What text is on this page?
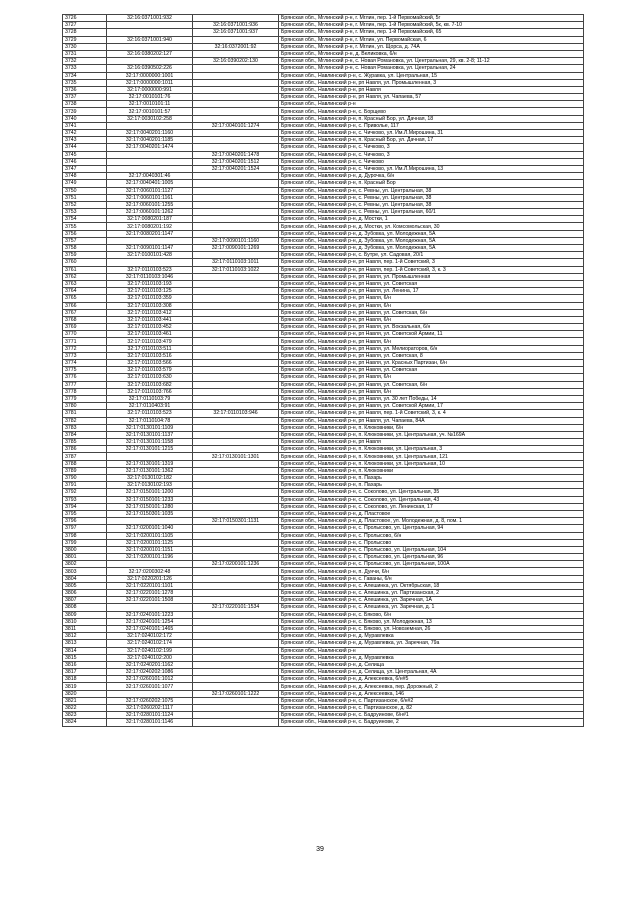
3726	32:16:0371001:932		Брянская обл., Мглинский р-н, г. Мглин, пер. 1-й Первомайский, 5г
3727		32:16:0371001:936	Брянская обл., Мглинский р-н, г. Мглин, пер. 1-й Первомайский, 5к, кв. 7-10
3728		32:16:0371001:937	Брянская обл., Мглинский р-н, г. Мглин, пер. 1-й Первомайский, 65
3729	32:16:0371001:940		Брянская обл., Мглинский р-н, г. Мглин, ул. Первомайская, 6
3730		32:16:0372001:92	Брянская обл., Мглинский р-н, г. Мглин, ул. Щорса, д. 74А
3731	32:16:0380202:127		Брянская обл., Мглинский р-н, д. Великовка, 6/н
3732		32:16:0390202:130	Брянская обл., Мглинский р-н, с. Новая Романовка, ул. Центральная, 29, кв. 2-8; 11-12
3733	32:16:0390502:226		Брянская обл., Мглинский р-н, с. Новая Романовка, ул. Центральная, 24
3734	32:17:0000000:1001		Брянская обл., Навлинский р-н, с. Журавка, ул. Центральная, 15
3735	32:17:0000000:1011		Брянская обл., Навлинский р-н, рп Навля, ул. Промышленная, 3
3736	32:17:0000000:991		Брянская обл., Навлинский р-н, рп Навля
3737	32:17:0010101:76		Брянская обл., Навлинский р-н, рп Навля, ул. Чапаева, 57
3738	32:17:0010101:11		Брянская обл., Навлинский р-н
3739	32:17:0010101:57		Брянская обл., Навлинский р-н, с. Борщево
3740	32:17:0030102:258		Брянская обл., Навлинский р-н, п. Красный Бор, ул. Дачная, 18
3741		32:17:0040101:1274	Брянская обл., Навлинский р-н, с. Приволье, 117
3742	32:17:0040201:1160		Брянская обл., Навлинский р-н, с. Чичково, ул. Им.Л.Мирошина, 31
3743	32:17:0040201:1185		Брянская обл., Навлинский р-н, п. Красный Бор, ул. Дачная, 17
3744	32:17:0040201:1474		Брянская обл., Навлинский р-н, с. Чичково, 3
3745		32:17:0040201:1478	Брянская обл., Навлинский р-н, с. Чичково, 3
3746		32:17:0040201:1512	Брянская обл., Навлинский р-н, с. Чичково
3747		32:17:0040201:1524	Брянская обл., Навлинский р-н, с. Чичково, ул. Им.Л.Мирошина, 13
3748	32:17:0040301:46		Брянская обл., Навлинский р-н, д. Дурочка, 6/н
3749	32:17:0040401:1005		Брянская обл., Навлинский р-н, п. Красный Бор
3750	32:17:0060101:1127		Брянская обл., Навлинский р-н, с. Ревны, ул. Центральная, 38
3751	32:17:0060101:1161		Брянская обл., Навлинский р-н, с. Ревны, ул. Центральная, 38
3752	32:17:0060101:1255		Брянская обл., Навлинский р-н, с. Ревны, ул. Центральная, 38
3753	32:17:0060101:1262		Брянская обл., Навлинский р-н, с. Ревны, ул. Центральная, 60/1
3754	32:17:0080201:187		Брянская обл., Навлинский р-н, д. Мостки, 1
3755	32:17:0080201:192		Брянская обл., Навлинский р-н, д. Мостки, ул. Комсомольская, 30
3756	32:17:0080201:1147		Брянская обл., Навлинский р-н, д. Зубовка, ул. Молодежная, 5А
3757		32:17:0090101:1160	Брянская обл., Навлинский р-н, д. Зубовка, ул. Молодежная, 5А
3758	32:17:0090101:1147	32:17:0090101:1269	Брянская обл., Навлинский р-н, д. Зубовка, ул. Молодежная, 5А
3759	32:17:0100101:428		Брянская обл., Навлинский р-н, с. Бутре, ул. Садовая, 20/1
3760		32:17:0110103:1011	Брянская обл., Навлинский р-н, рп Навля, пер. 1-й Советский, 3
3761	32:17:0110103:523	32:17:0110103:1022	Брянская обл., Навлинский р-н, рп Навля, пер. 1-й Советский, 3, к. 3
3762	32:17:0110103:1046		Брянская обл., Навлинский р-н, рп Навля, ул. Промышленная
3763	32:17:0110103:193		Брянская обл., Навлинский р-н, рп Навля, ул. Советская
3764	32:17:0110103:125		Брянская обл., Навлинский р-н, рп Навля, ул. Ленина, 17
3765	32:17:0110103:359		Брянская обл., Навлинский р-н, рп Навля, 6/н
3766	32:17:0110103:308		Брянская обл., Навлинский р-н, рп Навля, 6/н
3767	32:17:0110103:412		Брянская обл., Навлинский р-н, рп Навля, ул. Советская, 6/н
3768	32:17:0110103:441		Брянская обл., Навлинский р-н, рп Навля, 6/н
3769	32:17:0110103:452		Брянская обл., Навлинский р-н, рп Навля, ул. Вокзальная, 6/н
3770	32:17:0110103:461		Брянская обл., Навлинский р-н, рп Навля, ул. Советской Армии, 11
3771	32:17:0110103:479		Брянская обл., Навлинский р-н, рп Навля, 6/н
3772	32:17:0110103:511		Брянская обл., Навлинский р-н, рп Навля, ул. Мелиораторов, 6/н
3773	32:17:0110103:516		Брянская обл., Навлинский р-н, рп Навля, ул. Советская, 8
3774	32:17:0110103:566		Брянская обл., Навлинский р-н, рп Навля, ул. Красных Партизан, 6/н
3775	32:17:0110103:579		Брянская обл., Навлинский р-н, рп Навля, ул. Советская
3776	32:17:0110103:630		Брянская обл., Навлинский р-н, рп Навля, 6/н
3777	32:17:0110103:682		Брянская обл., Навлинский р-н, рп Навля, ул. Советская, 6/н
3778	32:17:0110103:766		Брянская обл., Навлинский р-н, рп Навля, 6/н
3779	32:17:0110103:79		Брянская обл., Навлинский р-н, рп Навля, ул. 30 лет Победы, 14
3780	32:17:0110403:91		Брянская обл., Навлинский р-н, рп Навля, ул. Советской Армии, 17
3781	32:17:0110103:523	32:17:0110103:946	Брянская обл., Навлинский р-н, рп Навля, пер. 1-й Советский, 3, к. 4
3782	32:17:0110104:78		Брянская обл., Навлинский р-н, рп Навля, ул. Чапаева, 84А
3783	32:17:0130101:1109		Брянская обл., Навлинский р-н, п. Клюковники, 6/н
3784	32:17:0130101:1137		Брянская обл., Навлинский р-н, п. Клюковники, ул. Центральная, уч. №169А
3785	32:17:0130101:1158		Брянская обл., Навлинский р-н, рп Навля
3786	32:17:0130101:1215		Брянская обл., Навлинский р-н, п. Клюковники, ул. Центральная, 3
3787		32:17:0130101:1301	Брянская обл., Навлинский р-н, п. Клюковники, ул. Центральная, 121
3788	32:17:0130101:1319		Брянская обл., Навлинский р-н, п. Клюковники, ул. Центральная, 10
3789	32:17:0130101:1362		Брянская обл., Навлинский р-н, п. Клюковники
3790	32:17:0130102:182		Брянская обл., Навлинский р-н, п. Пахарь
3791	32:17:0130102:193		Брянская обл., Навлинский р-н, п. Пахарь
3792	32:17:0150101:1200		Брянская обл., Навлинский р-н, с. Соколово, ул. Центральная, 35
3793	32:17:0150101:1233		Брянская обл., Навлинский р-н, с. Соколово, ул. Центральная, 43
3794	32:17:0150101:1280		Брянская обл., Навлинский р-н, с. Соколово, ул. Ленинская, 17
3795	32:17:0150301:1035		Брянская обл., Навлинский р-н, д. Пластовое
3796		32:17:0150301:1131	Брянская обл., Навлинский р-н, д. Пластовое, ул. Молодежная, д. 8, пом. 1
3797	32:17:0200101:1040		Брянская обл., Навлинский р-н, с. Пролысово, ул. Центральная, 94
3798	32:17:0200101:1105		Брянская обл., Навлинский р-н, с. Пролысово, 6/н
3799	32:17:0200101:1125		Брянская обл., Навлинский р-н, с. Пролысово
3800	32:17:0200101:1151		Брянская обл., Навлинский р-н, с. Пролысово, ул. Центральная, 104
3801	32:17:0200101:1196		Брянская обл., Навлинский р-н, с. Пролысово, ул. Центральная, 96
3802		32:17:0200101:1236	Брянская обл., Навлинский р-н, с. Пролысово, ул. Центральная, 100А
3803	32:17:0200302:48		Брянская обл., Навлинский р-н, п. Дунчи, 6/н
3804	32:17:0220201:126		Брянская обл., Навлинский р-н, с. Гаваны, 6/н
3805	32:17:0220101:1101		Брянская обл., Навлинский р-н, с. Алешинка, ул. Октябрьская, 18
3806	32:17:0220101:1278		Брянская обл., Навлинский р-н, с. Алешинка, ул. Партизанская, 2
3807	32:17:0220101:1508		Брянская обл., Навлинский р-н, с. Алешинка, ул. Заречная, 1А
3808		32:17:0220101:1534	Брянская обл., Навлинский р-н, с. Алешинка, ул. Заречная, д. 1
3809	32:17:0240101:1223		Брянская обл., Навлинский р-н, с. Бяково, 6/н
3810	32:17:0240101:1254		Брянская обл., Навлинский р-н, с. Бяково, ул. Молодежная, 13
3811	32:17:0240101:1465		Брянская обл., Навлинский р-н, с. Бяково, ул. Новоземная, 26
3812	32:17:0240102:172		Брянская обл., Навлинский р-н, д. Муравлевка
3813	32:17:0240102:174		Брянская обл., Навлинский р-н, д. Муравлевка, ул. Заречная, 79а
3814	32:17:0240102:199		Брянская обл., Навлинский р-н
3815	32:17:0240102:200		Брянская обл., Навлинский р-н, д. Муравлевка
3816	32:17:0240201:1162		Брянская обл., Навлинский р-н, д. Селища
3817	32:17:0240202:1086		Брянская обл., Навлинский р-н, д. Селища, ул. Центральная, 4А
3818	32:17:0260101:1012		Брянская обл., Навлинский р-н, д. Алексеевка, 6/н#5
3819	32:17:0260101:1077		Брянская обл., Навлинский р-н, д. Алексеевка, пер. Дорожный, 2
3820		32:17:0260101:1222	Брянская обл., Навлинский р-н, д. Алексеевка, 146
3821	32:17:0260202:1075		Брянская обл., Навлинский р-н, с. Партизанское, 6/н#2
3822	32:17:0260202:1117		Брянская обл., Навлинский р-н, с. Партизанское, д. 82
3823	32:17:0280101:1124		Брянская обл., Навлинский р-н, с. Бадруинове, 6/н#1
3824	32:17:0280101:1146		Брянская обл., Навлинский р-н, с. Бадруинове, 2
39
